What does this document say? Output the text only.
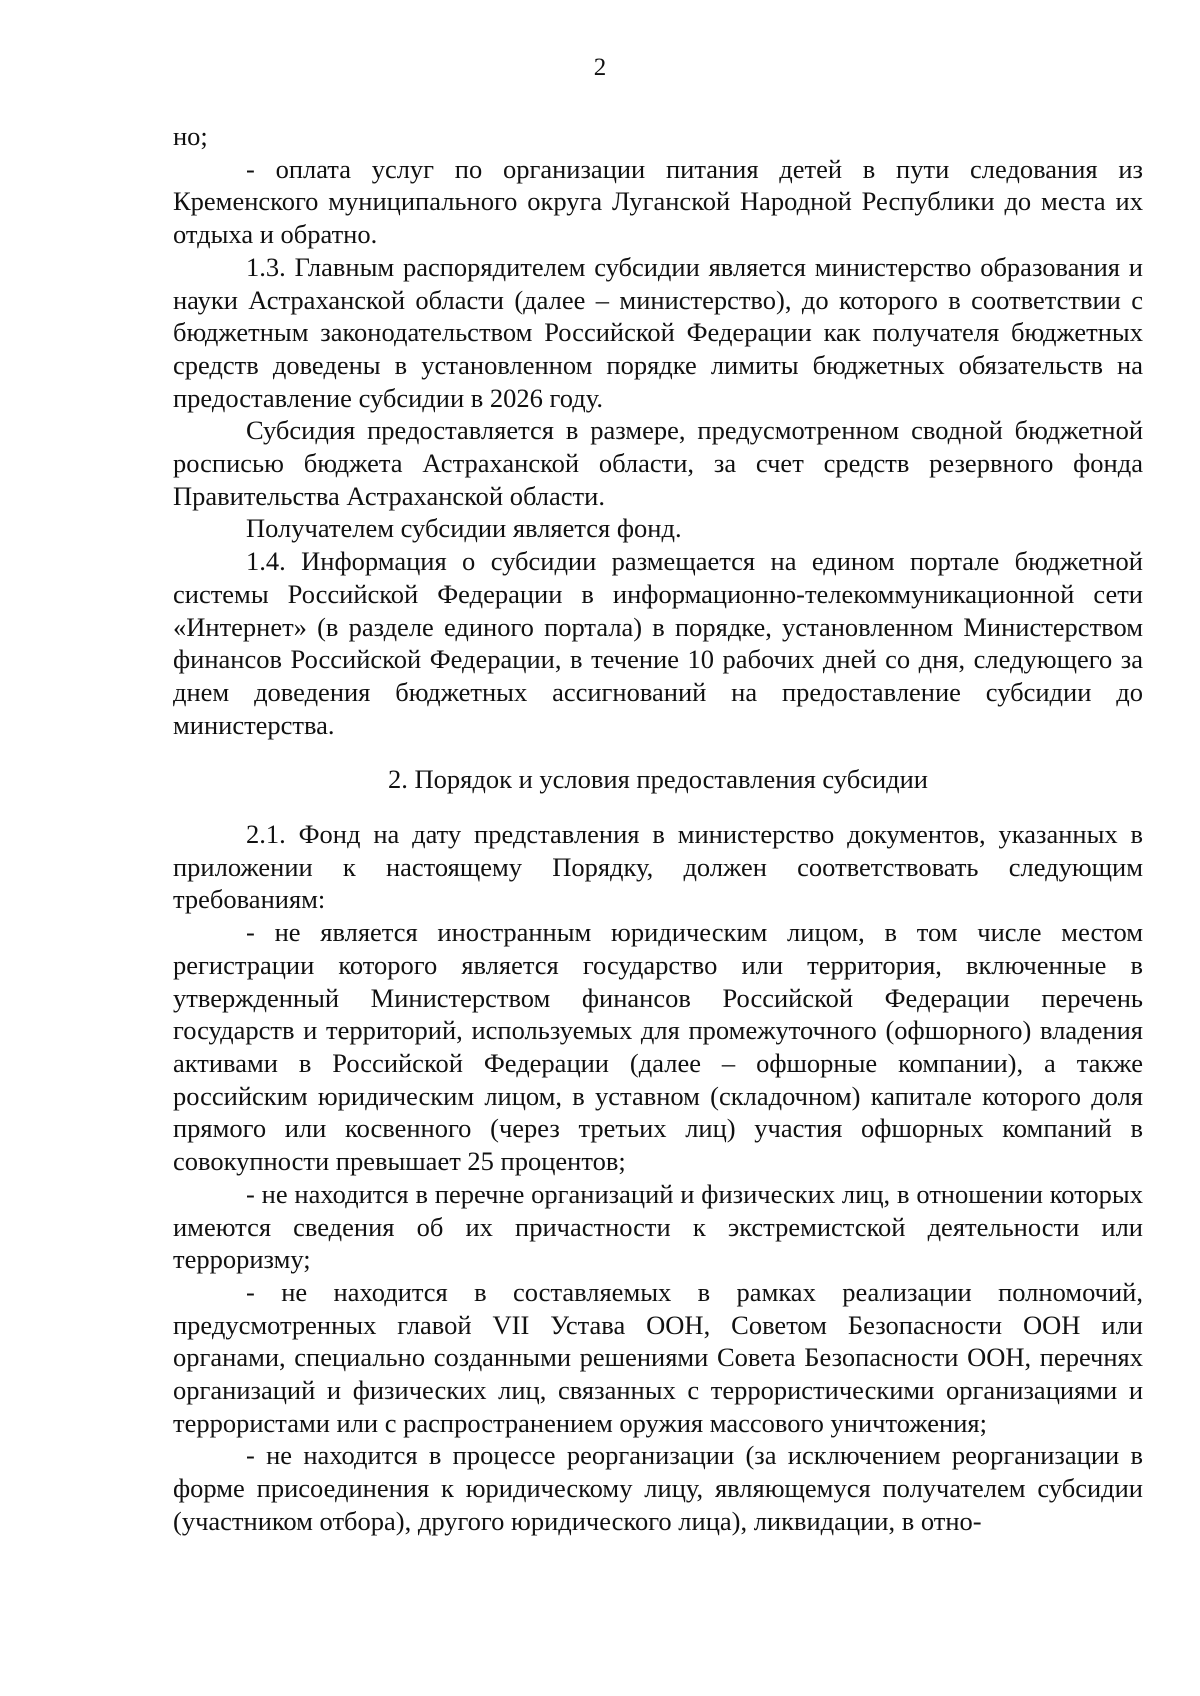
2

но;

- оплата услуг по организации питания детей в пути следования из Кременского муниципального округа Луганской Народной Республики до места их отдыха и обратно.

1.3. Главным распорядителем субсидии является министерство образования и науки Астраханской области (далее – министерство), до которого в соответствии с бюджетным законодательством Российской Федерации как получателя бюджетных средств доведены в установленном порядке лимиты бюджетных обязательств на предоставление субсидии в 2026 году.

Субсидия предоставляется в размере, предусмотренном сводной бюджетной росписью бюджета Астраханской области, за счет средств резервного фонда Правительства Астраханской области.

Получателем субсидии является фонд.

1.4. Информация о субсидии размещается на едином портале бюджетной системы Российской Федерации в информационно-телекоммуникационной сети «Интернет» (в разделе единого портала) в порядке, установленном Министерством финансов Российской Федерации, в течение 10 рабочих дней со дня, следующего за днем доведения бюджетных ассигнований на предоставление субсидии до министерства.

2. Порядок и условия предоставления субсидии

2.1. Фонд на дату представления в министерство документов, указанных в приложении к настоящему Порядку, должен соответствовать следующим требованиям:

- не является иностранным юридическим лицом, в том числе местом регистрации которого является государство или территория, включенные в утвержденный Министерством финансов Российской Федерации перечень государств и территорий, используемых для промежуточного (офшорного) владения активами в Российской Федерации (далее – офшорные компании), а также российским юридическим лицом, в уставном (складочном) капитале которого доля прямого или косвенного (через третьих лиц) участия офшорных компаний в совокупности превышает 25 процентов;

- не находится в перечне организаций и физических лиц, в отношении которых имеются сведения об их причастности к экстремистской деятельности или терроризму;

- не находится в составляемых в рамках реализации полномочий, предусмотренных главой VII Устава ООН, Советом Безопасности ООН или органами, специально созданными решениями Совета Безопасности ООН, перечнях организаций и физических лиц, связанных с террористическими организациями и террористами или с распространением оружия массового уничтожения;

- не находится в процессе реорганизации (за исключением реорганизации в форме присоединения к юридическому лицу, являющемуся получателем субсидии (участником отбора), другого юридического лица), ликвидации, в отно-
